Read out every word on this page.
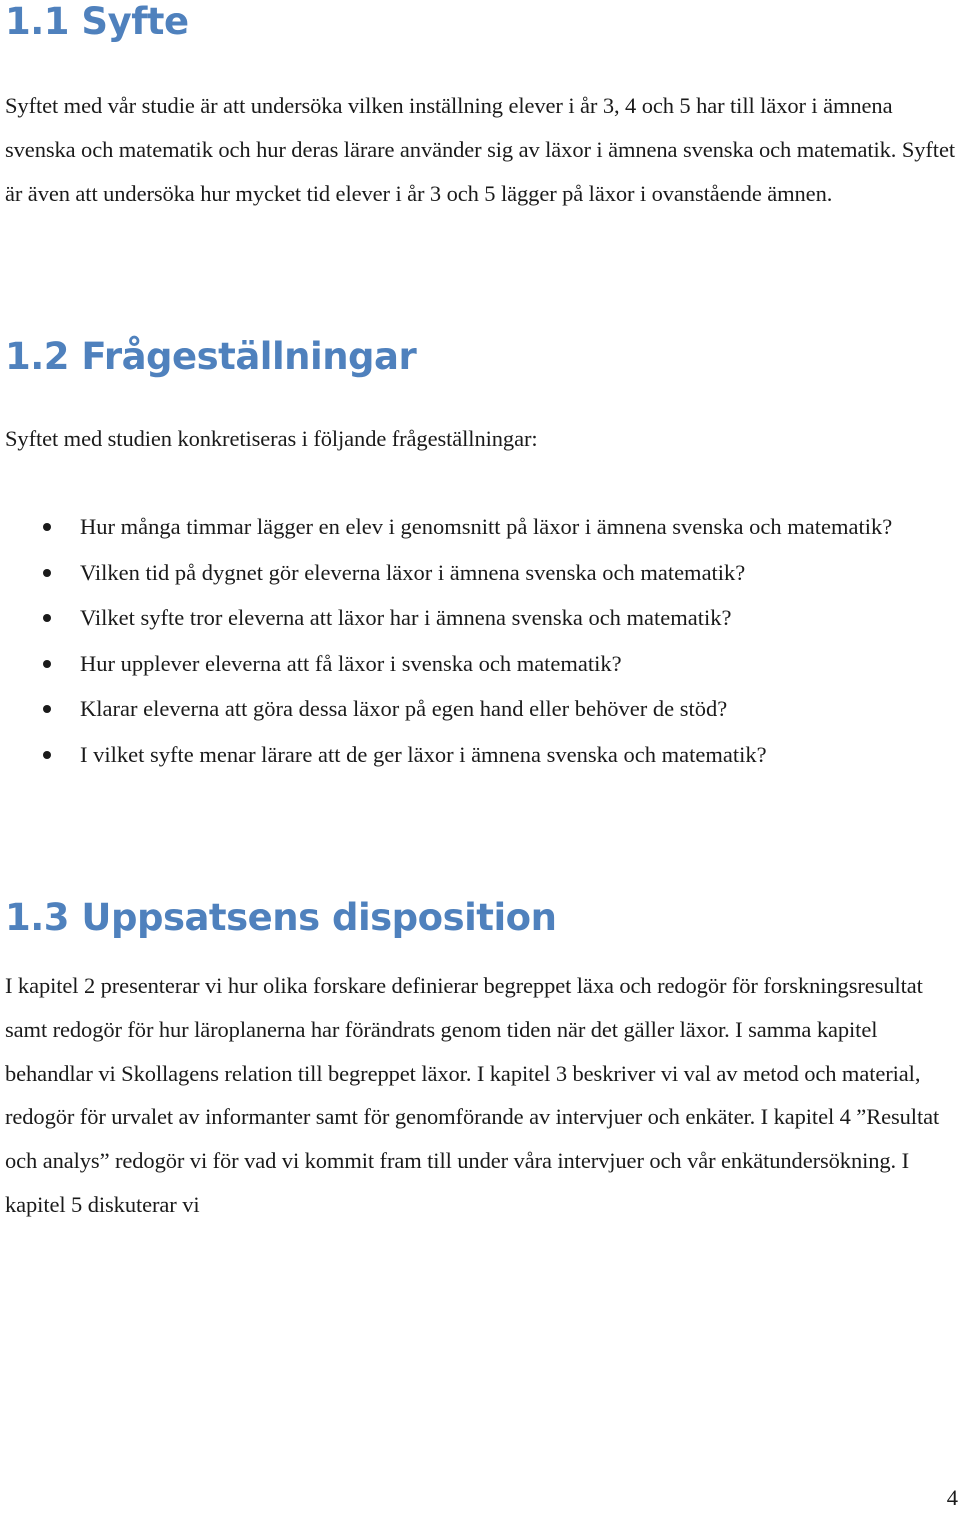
1.1 Syfte

Syftet med vår studie är att undersöka vilken inställning elever i år 3, 4 och 5 har till läxor i ämnena svenska och matematik och hur deras lärare använder sig av läxor i ämnena svenska och matematik. Syftet är även att undersöka hur mycket tid elever i år 3 och 5 lägger på läxor i ovanstående ämnen.

1.2 Frågeställningar

Syftet med studien konkretiseras i följande frågeställningar:

Hur många timmar lägger en elev i genomsnitt på läxor i ämnena svenska och matematik?
Vilken tid på dygnet gör eleverna läxor i ämnena svenska och matematik?
Vilket syfte tror eleverna att läxor har i ämnena svenska och matematik?
Hur upplever eleverna att få läxor i svenska och matematik?
Klarar eleverna att göra dessa läxor på egen hand eller behöver de stöd?
I vilket syfte menar lärare att de ger läxor i ämnena svenska och matematik?
1.3 Uppsatsens disposition

I kapitel 2 presenterar vi hur olika forskare definierar begreppet läxa och redogör för forskningsresultat samt redogör för hur läroplanerna har förändrats genom tiden när det gäller läxor. I samma kapitel behandlar vi Skollagens relation till begreppet läxor. I kapitel 3 beskriver vi val av metod och material, redogör för urvalet av informanter samt för genomförande av intervjuer och enkäter. I kapitel 4 ”Resultat och analys” redogör vi för vad vi kommit fram till under våra intervjuer och vår enkätundersökning. I kapitel 5 diskuterar vi

4
